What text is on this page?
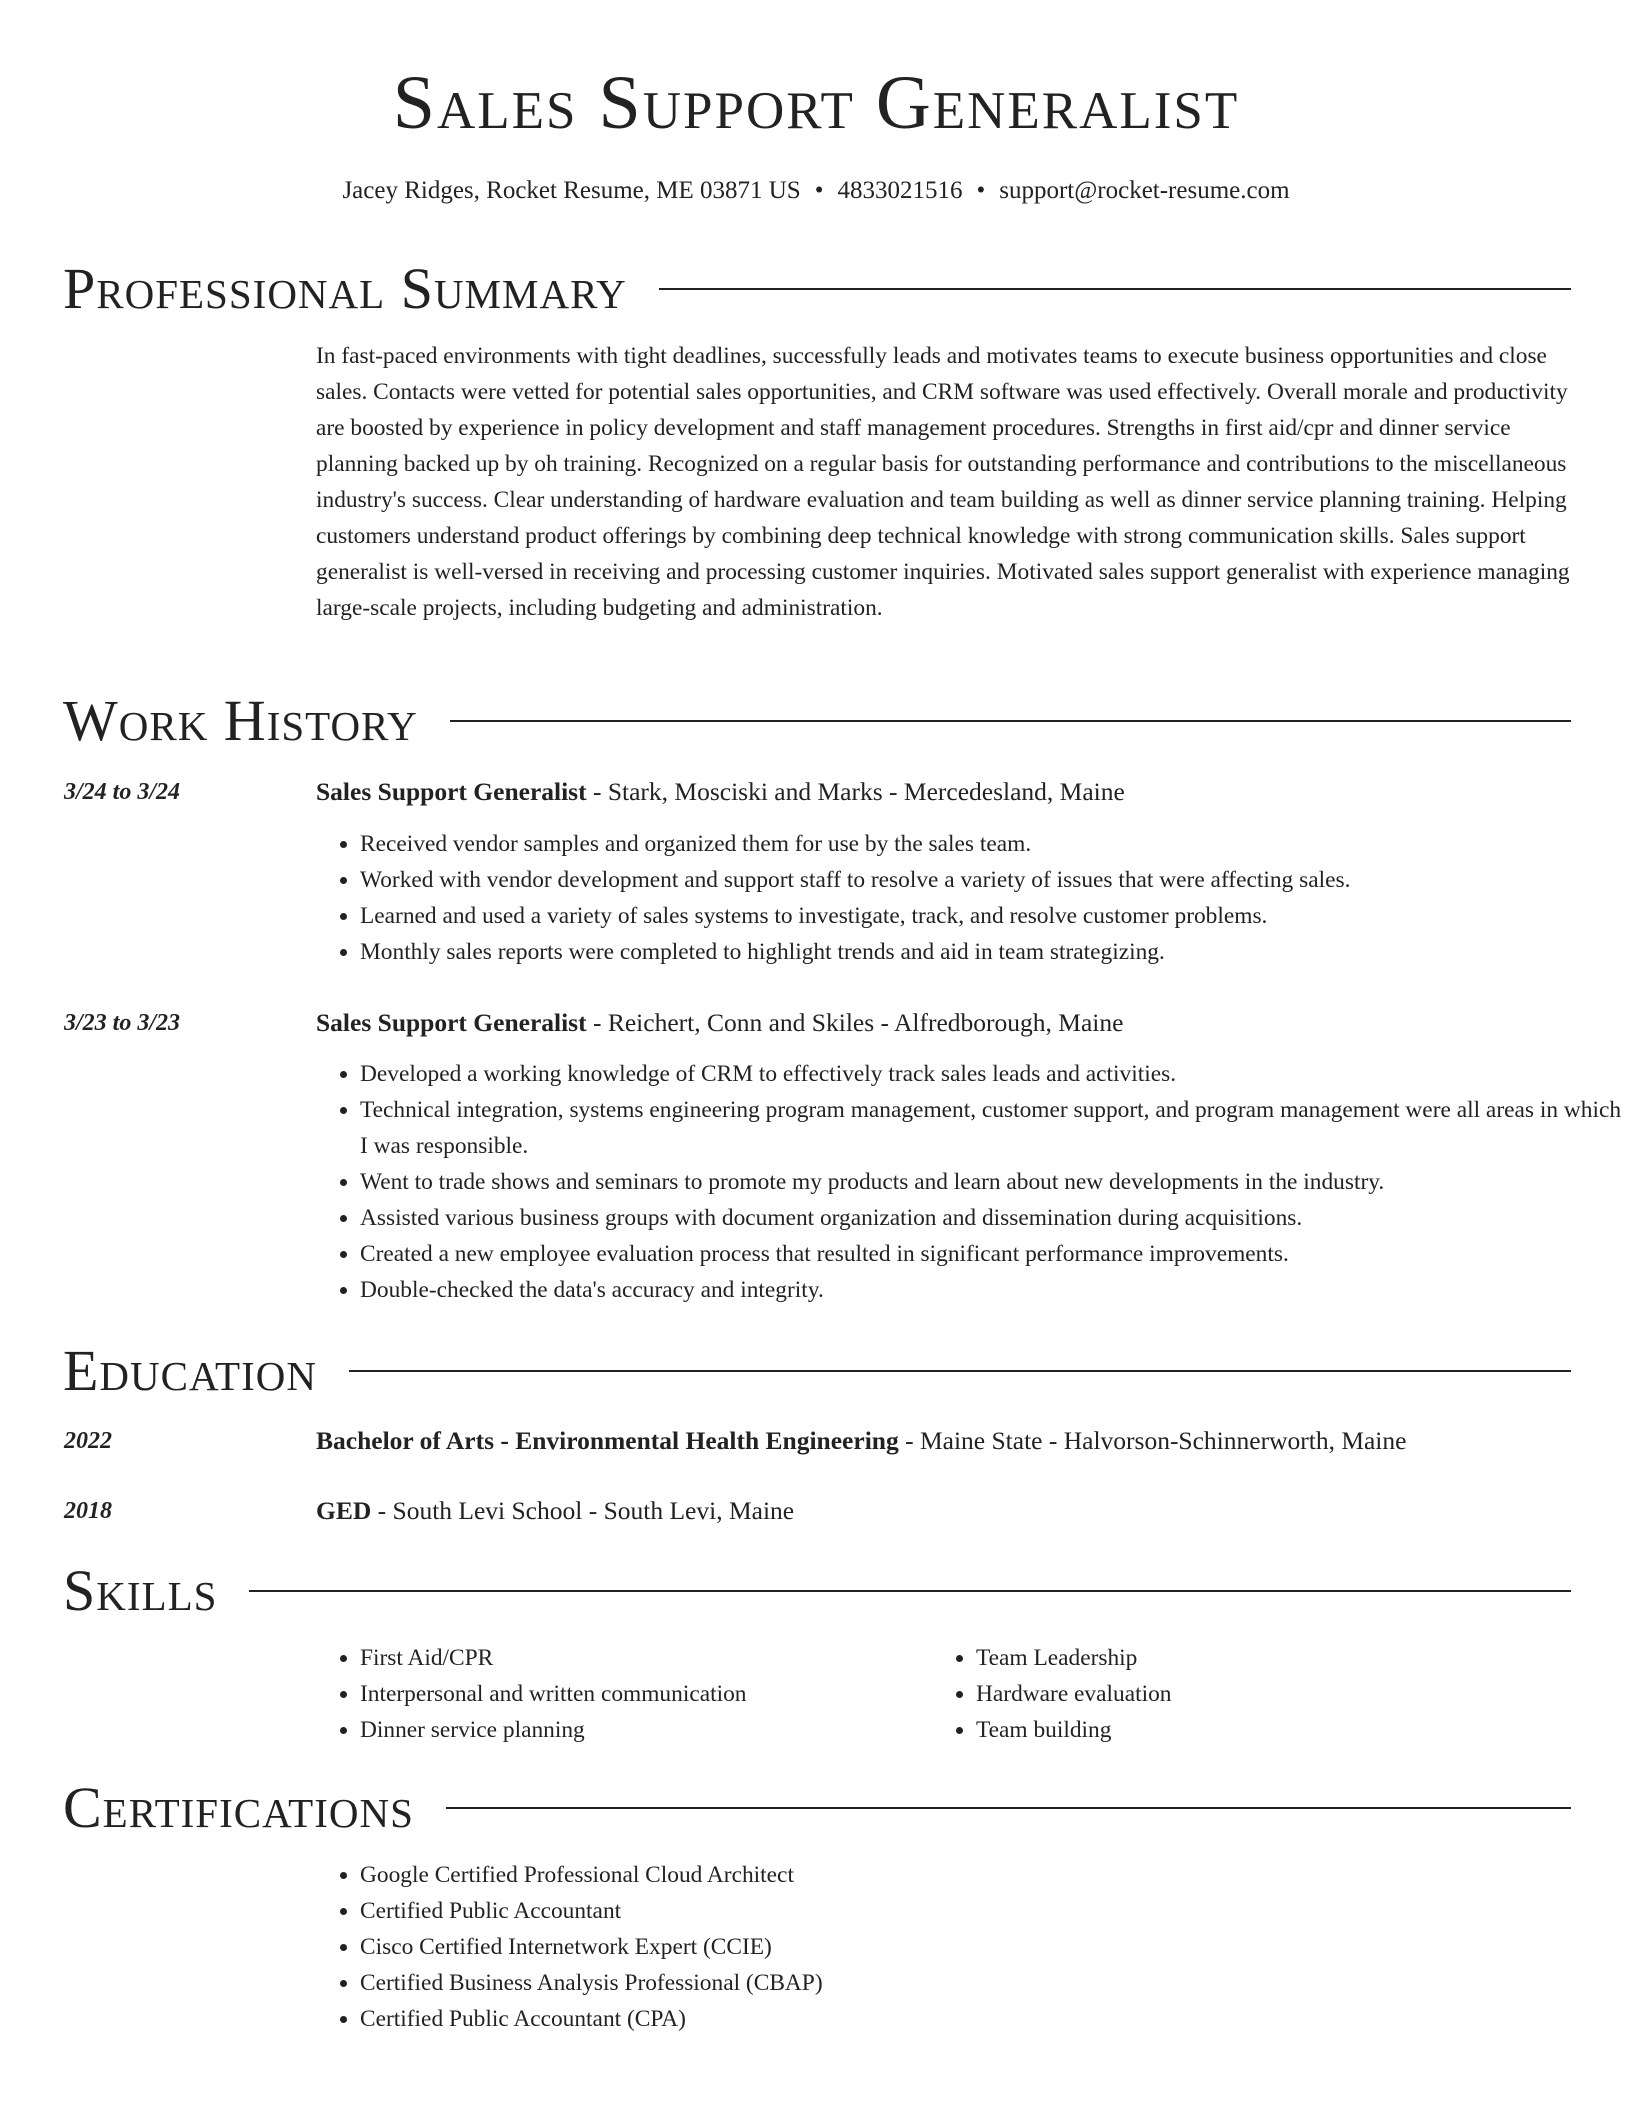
Sales Support Generalist
Jacey Ridges, Rocket Resume, ME 03871 US • 4833021516 • support@rocket-resume.com
Professional Summary

In fast-paced environments with tight deadlines, successfully leads and motivates teams to execute business opportunities and close sales. Contacts were vetted for potential sales opportunities, and CRM software was used effectively. Overall morale and productivity are boosted by experience in policy development and staff management procedures. Strengths in first aid/cpr and dinner service planning backed up by oh training. Recognized on a regular basis for outstanding performance and contributions to the miscellaneous industry's success. Clear understanding of hardware evaluation and team building as well as dinner service planning training. Helping customers understand product offerings by combining deep technical knowledge with strong communication skills. Sales support generalist is well-versed in receiving and processing customer inquiries. Motivated sales support generalist with experience managing large-scale projects, including budgeting and administration.

Work History
3/24 to 3/24	Sales Support Generalist - Stark, Mosciski and Marks - Mercedesland, Maine
• Received vendor samples and organized them for use by the sales team.
• Worked with vendor development and support staff to resolve a variety of issues that were affecting sales.
• Learned and used a variety of sales systems to investigate, track, and resolve customer problems.
• Monthly sales reports were completed to highlight trends and aid in team strategizing.
3/23 to 3/23	Sales Support Generalist - Reichert, Conn and Skiles - Alfredborough, Maine
• Developed a working knowledge of CRM to effectively track sales leads and activities.
• Technical integration, systems engineering program management, customer support, and program management were all areas in which I was responsible.
• Went to trade shows and seminars to promote my products and learn about new developments in the industry.
• Assisted various business groups with document organization and dissemination during acquisitions.
• Created a new employee evaluation process that resulted in significant performance improvements.
• Double-checked the data's accuracy and integrity.
Education
2022	Bachelor of Arts - Environmental Health Engineering - Maine State - Halvorson-Schinnerworth, Maine
2018	GED - South Levi School - South Levi, Maine
Skills
• First Aid/CPR
• Interpersonal and written communication
• Dinner service planning
• Team Leadership
• Hardware evaluation
• Team building
Certifications
• Google Certified Professional Cloud Architect
• Certified Public Accountant
• Cisco Certified Internetwork Expert (CCIE)
• Certified Business Analysis Professional (CBAP)
• Certified Public Accountant (CPA)
